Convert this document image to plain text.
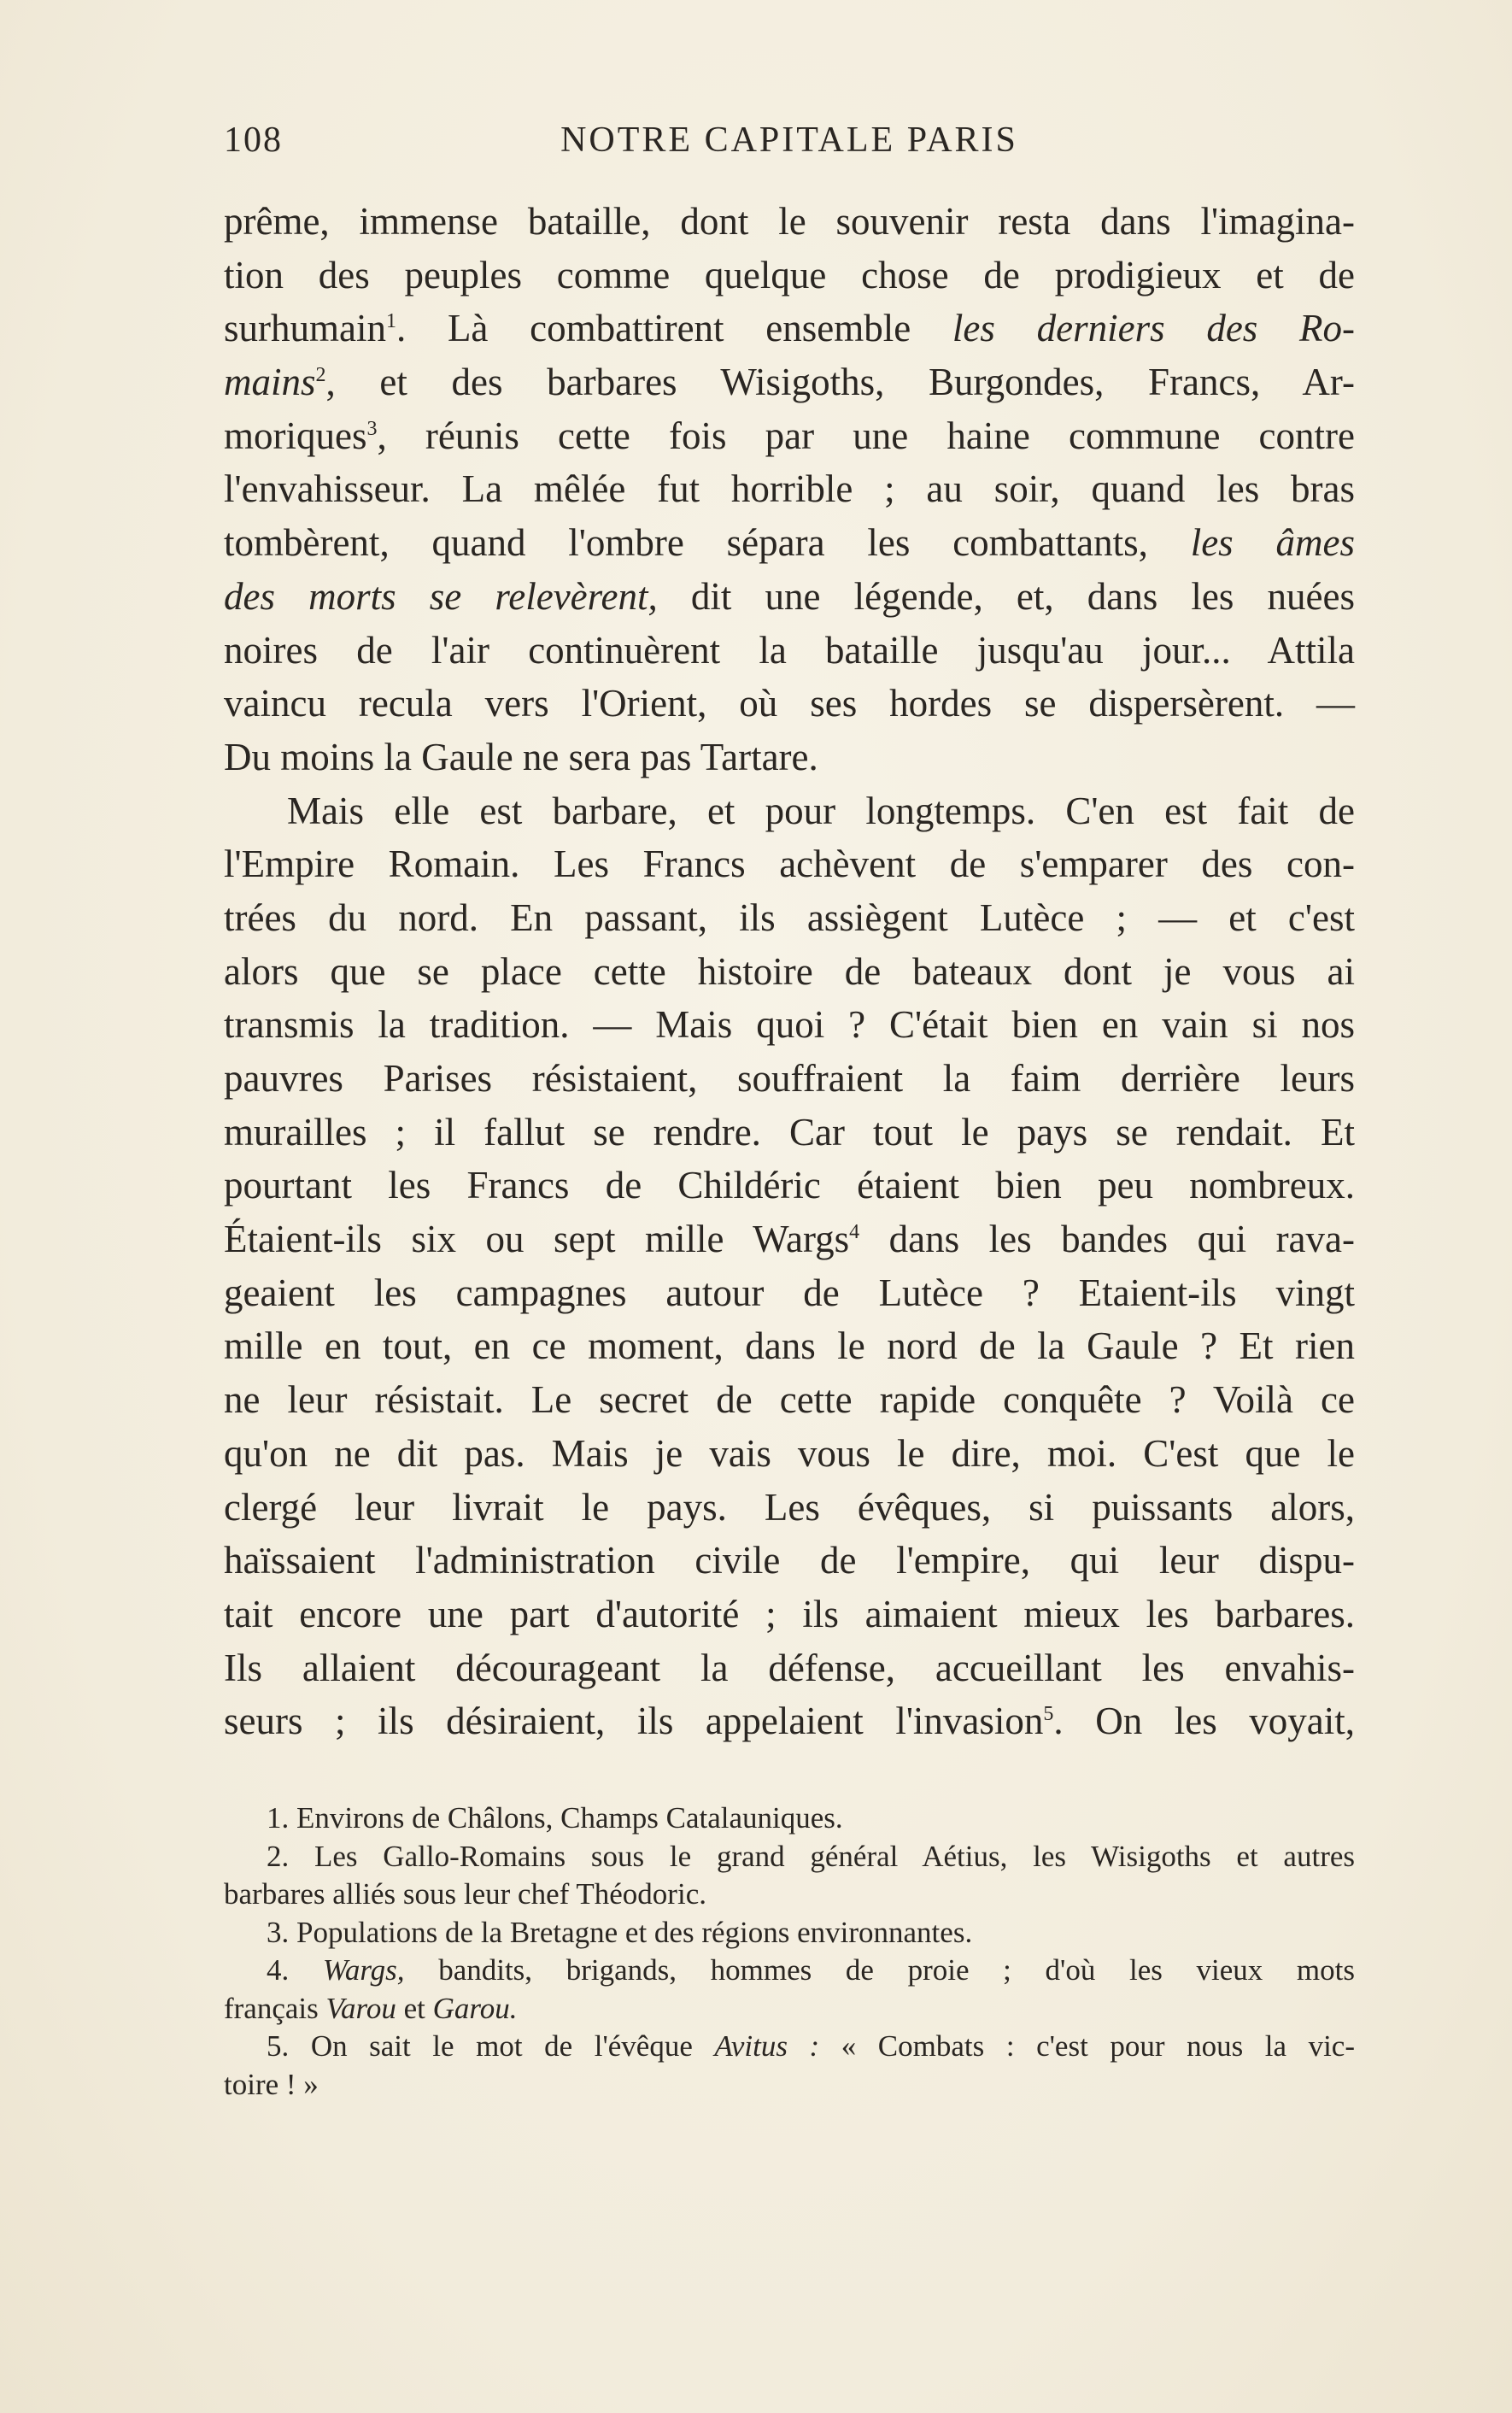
108	NOTRE CAPITALE PARIS
prême, immense bataille, dont le souvenir resta dans l'imagina-
tion des peuples comme quelque chose de prodigieux et de
surhumain$^1$. Là combattirent ensemble les derniers des Ro-
mains$^2$, et des barbares Wisigoths, Burgondes, Francs, Ar-
moriques$^3$, réunis cette fois par une haine commune contre
l'envahisseur. La mêlée fut horrible ; au soir, quand les bras
tombèrent, quand l'ombre sépara les combattants, les âmes
des morts se relevèrent, dit une légende, et, dans les nuées
noires de l'air continuèrent la bataille jusqu'au jour... Attila
vaincu recula vers l'Orient, où ses hordes se dispersèrent. —
Du moins la Gaule ne sera pas Tartare.
Mais elle est barbare, et pour longtemps. C'en est fait de
l'Empire Romain. Les Francs achèvent de s'emparer des con-
trées du nord. En passant, ils assiègent Lutèce ; — et c'est
alors que se place cette histoire de bateaux dont je vous ai
transmis la tradition. — Mais quoi ? C'était bien en vain si nos
pauvres Parises résistaient, souffraient la faim derrière leurs
murailles ; il fallut se rendre. Car tout le pays se rendait. Et
pourtant les Francs de Childéric étaient bien peu nombreux.
Étaient-ils six ou sept mille Wargs$^4$ dans les bandes qui rava-
geaient les campagnes autour de Lutèce ? Etaient-ils vingt
mille en tout, en ce moment, dans le nord de la Gaule ? Et rien
ne leur résistait. Le secret de cette rapide conquête ? Voilà ce
qu'on ne dit pas. Mais je vais vous le dire, moi. C'est que le
clergé leur livrait le pays. Les évêques, si puissants alors,
haïssaient l'administration civile de l'empire, qui leur dispu-
tait encore une part d'autorité ; ils aimaient mieux les barbares.
Ils allaient décourageant la défense, accueillant les envahis-
seurs ; ils désiraient, ils appelaient l'invasion$^5$. On les voyait,
1. Environs de Châlons, Champs Catalauniques.
2. Les Gallo-Romains sous le grand général Aétius, les Wisigoths et autres
barbares alliés sous leur chef Théodoric.
3. Populations de la Bretagne et des régions environnantes.
4. Wargs, bandits, brigands, hommes de proie ; d'où les vieux mots
français Varou et Garou.
5. On sait le mot de l'évêque Avitus : « Combats : c'est pour nous la vic-
toire ! »
